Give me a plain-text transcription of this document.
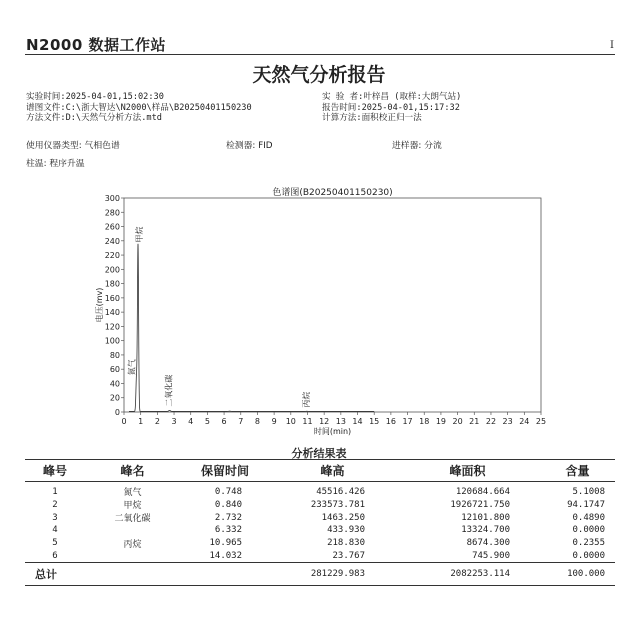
N2000 数据工作站	I
天然气分析报告
实验时间:2025-04-01,15:02:30
谱图文件:C:\浙大智达\N2000\样品\B20250401150230
方法文件:D:\天然气分析方法.mtd
实 验 者:叶梓昌 (取样:大朗气站)
报告时间:2025-04-01,15:17:32
计算方法:面积校正归一法
使用仪器类型: 气相色谱	检测器: FID	进样器: 分流
柱温: 程序升温
色谱图(B20250401150230)
0 1 2 3 4 5 6 7 8 9 10 11 12 13 14 15 16 17 18 19 20 21 22 23 24 25
0
20
40
60
80
100
120
140
160
180
200
220
240
260
280
300
时间(min)
电压(mv)
氮气
甲烷
二氧化碳	丙烷
分析结果表
峰号	峰名	保留时间	峰高	峰面积	含量
1	氮气	0.748	45516.426	120684.664	5.1008
2	甲烷	0.840	233573.781	1926721.750	94.1747
3	二氧化碳	2.732	1463.250	12101.800	0.4890
4		6.332	433.930	13324.700	0.0000
5	丙烷	10.965	218.830	8674.300	0.2355
6		14.032	23.767	745.900	0.0000
总计			281229.983	2082253.114	100.000
